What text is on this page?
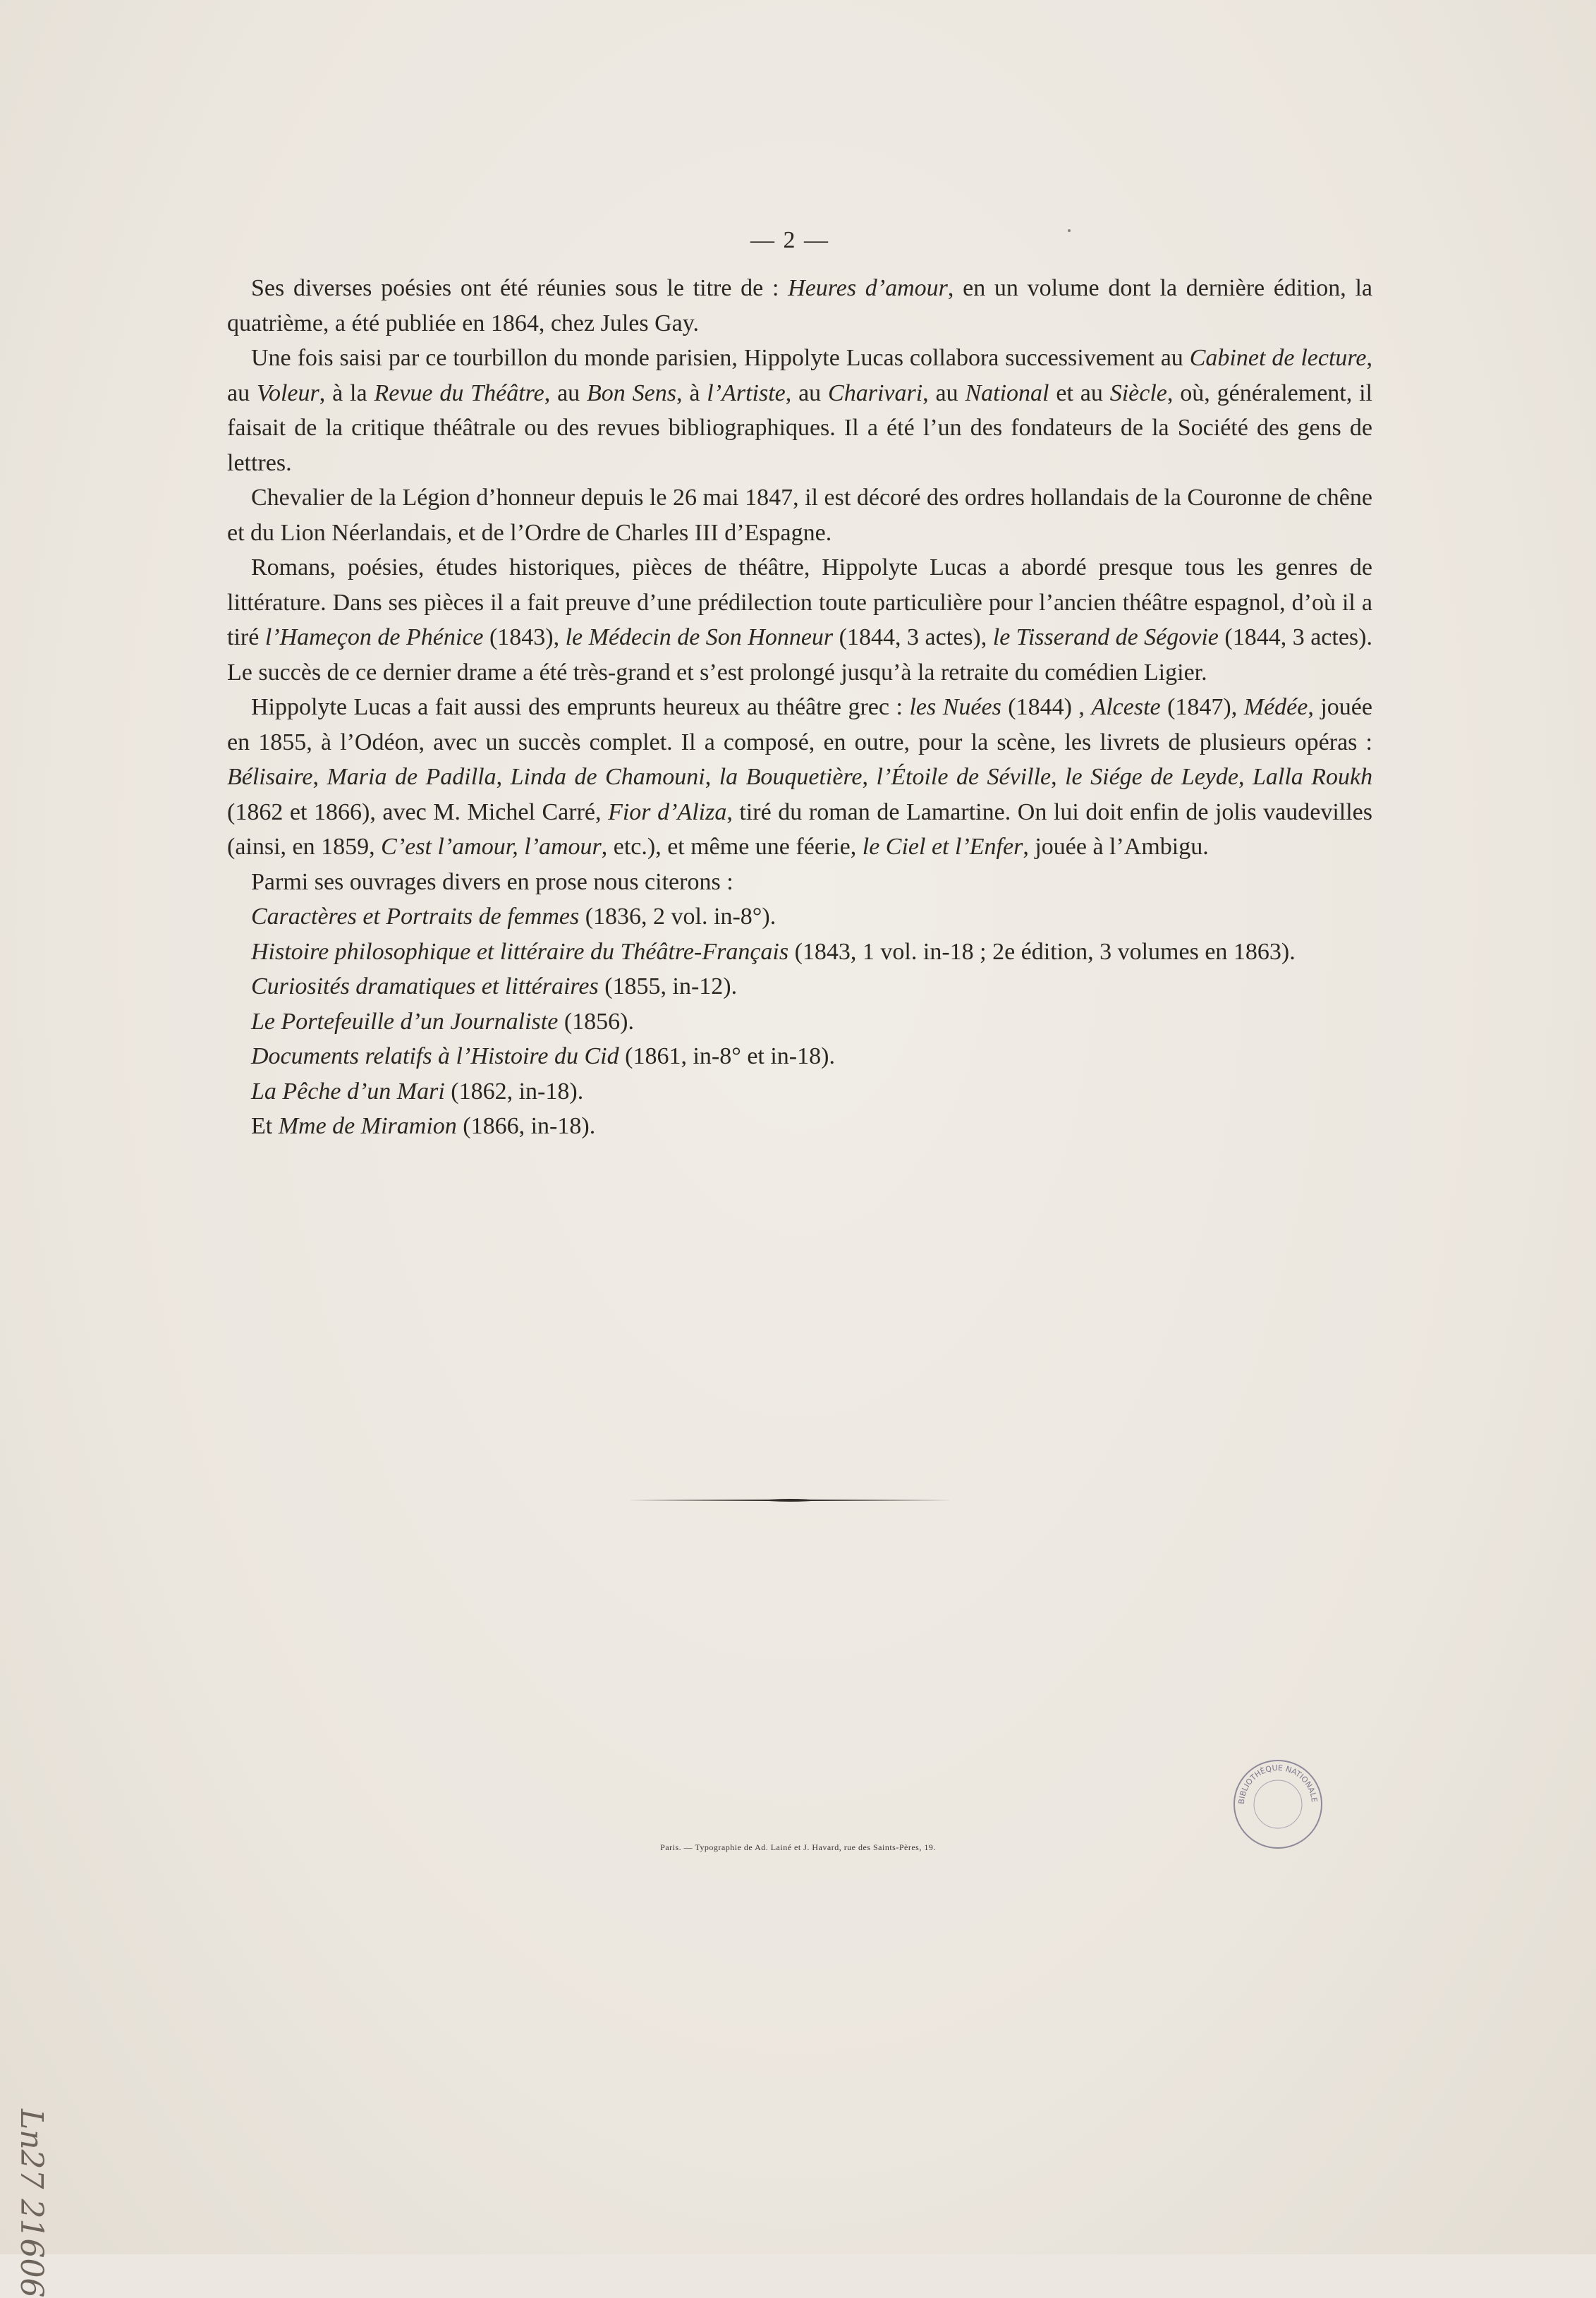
— 2 —

Ses diverses poésies ont été réunies sous le titre de : Heures d’amour, en un volume dont la dernière édition, la quatrième, a été publiée en 1864, chez Jules Gay.

Une fois saisi par ce tourbillon du monde parisien, Hippolyte Lucas collabora successivement au Cabinet de lecture, au Voleur, à la Revue du Théâtre, au Bon Sens, à l’Artiste, au Charivari, au National et au Siècle, où, généralement, il faisait de la critique théâtrale ou des revues bibliographiques. Il a été l’un des fondateurs de la Société des gens de lettres.

Chevalier de la Légion d’honneur depuis le 26 mai 1847, il est décoré des ordres hollandais de la Couronne de chêne et du Lion Néerlandais, et de l’Ordre de Charles III d’Espagne.

Romans, poésies, études historiques, pièces de théâtre, Hippolyte Lucas a abordé presque tous les genres de littérature. Dans ses pièces il a fait preuve d’une prédilection toute particulière pour l’ancien théâtre espagnol, d’où il a tiré l’Hameçon de Phénice (1843), le Médecin de Son Honneur (1844, 3 actes), le Tisserand de Ségovie (1844, 3 actes). Le succès de ce dernier drame a été très-grand et s’est prolongé jusqu’à la retraite du comédien Ligier.

Hippolyte Lucas a fait aussi des emprunts heureux au théâtre grec : les Nuées (1844) , Alceste (1847), Médée, jouée en 1855, à l’Odéon, avec un succès complet. Il a composé, en outre, pour la scène, les livrets de plusieurs opéras : Bélisaire, Maria de Padilla, Linda de Chamouni, la Bouquetière, l’Étoile de Séville, le Siége de Leyde, Lalla Roukh (1862 et 1866), avec M. Michel Carré, Fior d’Aliza, tiré du roman de Lamartine. On lui doit enfin de jolis vaudevilles (ainsi, en 1859, C’est l’amour, l’amour, etc.), et même une féerie, le Ciel et l’Enfer, jouée à l’Ambigu.

Parmi ses ouvrages divers en prose nous citerons :

Caractères et Portraits de femmes (1836, 2 vol. in-8°).

Histoire philosophique et littéraire du Théâtre-Français (1843, 1 vol. in-18 ; 2e édition, 3 volumes en 1863).

Curiosités dramatiques et littéraires (1855, in-12).

Le Portefeuille d’un Journaliste (1856).

Documents relatifs à l’Histoire du Cid (1861, in-8° et in-18).

La Pêche d’un Mari (1862, in-18).

Et Mme de Miramion (1866, in-18).

Paris. — Typographie de Ad. Lainé et J. Havard, rue des Saints-Pères, 19.
BIBLIOTHÈQUE NATIONALE
Ln27 21606
